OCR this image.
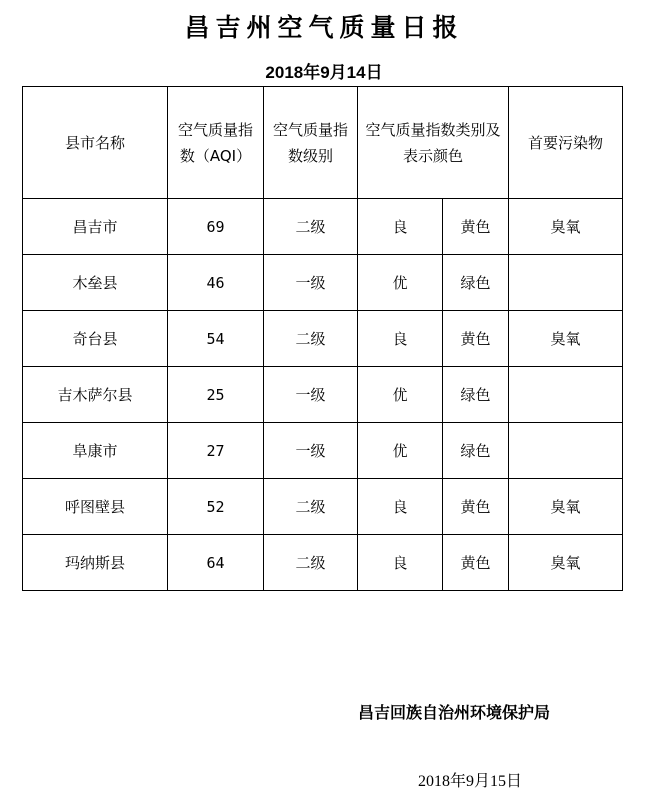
昌吉州空气质量日报
2018年9月14日
县市名称	空气质量指数（AQI）	空气质量指数级别	空气质量指数类别及表示颜色		首要污染物
昌吉市	69	二级	良	黄色	臭氧
木垒县	46	一级	优	绿色	
奇台县	54	二级	良	黄色	臭氧
吉木萨尔县	25	一级	优	绿色	
阜康市	27	一级	优	绿色	
呼图壁县	52	二级	良	黄色	臭氧
玛纳斯县	64	二级	良	黄色	臭氧
昌吉回族自治州环境保护局
2018年9月15日
